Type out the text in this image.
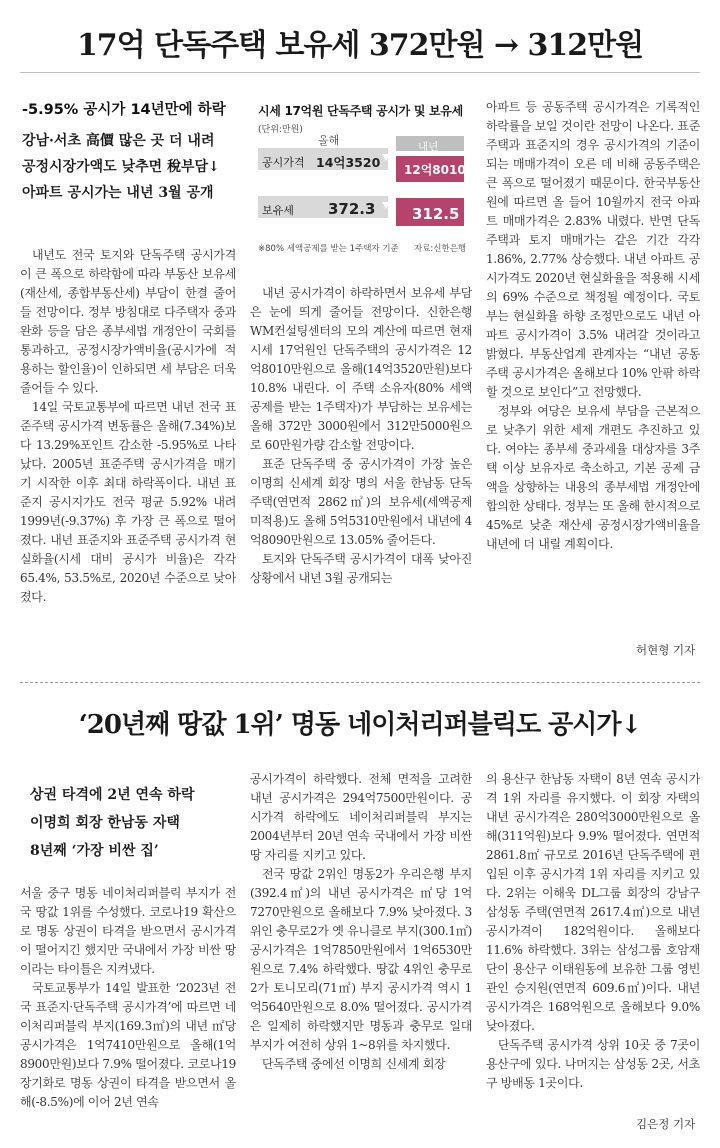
17억 단독주택 보유세 372만원 → 312만원
-5.95% 공시가 14년만에 하락
강남·서초 高價 많은 곳 더 내려
공정시장가액도 낮추면 稅부담↓
아파트 공시가는 내년 3월 공개

내년도 전국 토지와 단독주택 공시가격이 큰 폭으로 하락함에 따라 부동산 보유세(재산세, 종합부동산세) 부담이 한결 줄어들 전망이다. 정부 방침대로 다주택자 중과 완화 등을 담은 종부세법 개정안이 국회를 통과하고, 공정시장가액비율(공시가에 적용하는 할인율)이 인하되면 세 부담은 더욱 줄어들 수 있다.

14일 국토교통부에 따르면 내년 전국 표준주택 공시가격 변동률은 올해(7.34%)보다 13.29%포인트 감소한 -5.95%로 나타났다. 2005년 표준주택 공시가격을 매기기 시작한 이후 최대 하락폭이다. 내년 표준지 공시지가도 전국 평균 5.92% 내려 1999년(-9.37%) 후 가장 큰 폭으로 떨어졌다. 내년 표준지와 표준주택 공시가격 현실화율(시세 대비 공시가 비율)은 각각 65.4%, 53.5%로, 2020년 수준으로 낮아졌다.

시세 17억원 단독주택 공시가 및 보유세
(단위:만원)
올해	내년
공시가격 14억3520 12억8010
보유세 372.3 312.5
※80% 세액공제를 받는 1주택자 기준 자료:신한은행

내년 공시가격이 하락하면서 보유세 부담은 눈에 띄게 줄어들 전망이다. 신한은행 WM컨설팅센터의 모의 계산에 따르면 현재 시세 17억원인 단독주택의 공시가격은 12억8010만원으로 올해(14억3520만원)보다 10.8% 내린다. 이 주택 소유자(80% 세액공제를 받는 1주택자)가 부담하는 보유세는 올해 372만 3000원에서 312만5000원으로 60만원가량 감소할 전망이다.

표준 단독주택 중 공시가격이 가장 높은 이명희 신세계 회장 명의 서울 한남동 단독주택(연면적 2862㎡)의 보유세(세액공제 미적용)도 올해 5억5310만원에서 내년에 4억8090만원으로 13.05% 줄어든다.

토지와 단독주택 공시가격이 대폭 낮아진 상황에서 내년 3월 공개되는

아파트 등 공동주택 공시가격은 기록적인 하락률을 보일 것이란 전망이 나온다. 표준주택과 표준지의 경우 공시가격의 기준이 되는 매매가격이 오른 데 비해 공동주택은 큰 폭으로 떨어졌기 때문이다. 한국부동산원에 따르면 올 들어 10월까지 전국 아파트 매매가격은 2.83% 내렸다. 반면 단독주택과 토지 매매가는 같은 기간 각각 1.86%, 2.77% 상승했다. 내년 아파트 공시가격도 2020년 현실화율을 적용해 시세의 69% 수준으로 책정될 예정이다. 국토부는 현실화율 하향 조정만으로도 내년 아파트 공시가격이 3.5% 내려갈 것이라고 밝혔다. 부동산업계 관계자는 “내년 공동주택 공시가격은 올해보다 10% 안팎 하락할 것으로 보인다”고 전망했다.

정부와 여당은 보유세 부담을 근본적으로 낮추기 위한 세제 개편도 추진하고 있다. 여야는 종부세 중과세율 대상자를 3주택 이상 보유자로 축소하고, 기본 공제 금액을 상향하는 내용의 종부세법 개정안에 합의한 상태다. 정부는 또 올해 한시적으로 45%로 낮춘 재산세 공정시장가액비율을 내년에 더 내릴 계획이다.

허현형 기자
‘20년째 땅값 1위’ 명동 네이처리퍼블릭도 공시가↓
상권 타격에 2년 연속 하락
이명희 회장 한남동 자택
8년째 ‘가장 비싼 집’

서울 중구 명동 네이처리퍼블릭 부지가 전국 땅값 1위를 수성했다. 코로나19 확산으로 명동 상권이 타격을 받으면서 공시가격이 떨어지긴 했지만 국내에서 가장 비싼 땅이라는 타이틀은 지켜냈다.

국토교통부가 14일 발표한 ‘2023년 전국 표준지·단독주택 공시가격’에 따르면 네이처리퍼블릭 부지(169.3㎡)의 내년 ㎡당 공시가격은 1억7410만원으로 올해(1억8900만원)보다 7.9% 떨어졌다. 코로나19 장기화로 명동 상권이 타격을 받으면서 올해(-8.5%)에 이어 2년 연속

공시가격이 하락했다. 전체 면적을 고려한 내년 공시가격은 294억7500만원이다. 공시가격 하락에도 네이처리퍼블릭 부지는 2004년부터 20년 연속 국내에서 가장 비싼 땅 자리를 지키고 있다.

전국 땅값 2위인 명동2가 우리은행 부지(392.4㎡)의 내년 공시가격은 ㎡당 1억7270만원으로 올해보다 7.9% 낮아졌다. 3위인 충무로2가 옛 유니클로 부지(300.1㎡) 공시가격은 1억7850만원에서 1억6530만원으로 7.4% 하락했다. 땅값 4위인 충무로2가 토니모리(71㎡) 부지 공시가격 역시 1억5640만원으로 8.0% 떨어졌다. 공시가격은 일제히 하락했지만 명동과 충무로 일대 부지가 여전히 상위 1~8위를 차지했다.

단독주택 중에선 이명희 신세계 회장

의 용산구 한남동 자택이 8년 연속 공시가격 1위 자리를 유지했다. 이 회장 자택의 내년 공시가격은 280억3000만원으로 올해(311억원)보다 9.9% 떨어졌다. 연면적 2861.8㎡ 규모로 2016년 단독주택에 편입된 이후 공시가격 1위 자리를 지키고 있다. 2위는 이해욱 DL그룹 회장의 강남구 삼성동 주택(연면적 2617.4㎡)으로 내년 공시가격이 182억원이다. 올해보다 11.6% 하락했다. 3위는 삼성그룹 호암재단이 용산구 이태원동에 보유한 그룹 영빈관인 승지원(연면적 609.6㎡)이다. 내년 공시가격은 168억원으로 올해보다 9.0% 낮아졌다.

단독주택 공시가격 상위 10곳 중 7곳이 용산구에 있다. 나머지는 삼성동 2곳, 서초구 방배동 1곳이다.

김은정 기자
